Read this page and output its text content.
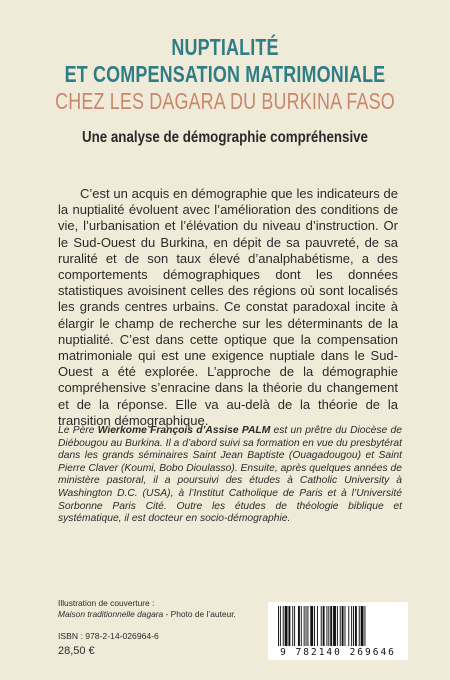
NUPTIALITÉ
ET COMPENSATION MATRIMONIALE
CHEZ LES DAGARA DU BURKINA FASO
Une analyse de démographie compréhensive
C’est un acquis en démographie que les indicateurs de la nuptialité évoluent avec l’amélioration des conditions de vie, l’urbanisation et l’élévation du niveau d’instruction. Or le Sud-Ouest du Burkina, en dépit de sa pauvreté, de sa ruralité et de son taux élevé d’analphabétisme, a des comportements démographiques dont les données statistiques avoisinent celles des régions où sont localisés les grands centres urbains. Ce constat paradoxal incite à élargir le champ de recherche sur les déterminants de la nuptialité. C’est dans cette optique que la compensation matrimoniale qui est une exigence nuptiale dans le Sud-Ouest a été explorée. L’approche de la démographie compréhensive s’enracine dans la théorie du changement et de la réponse. Elle va au-delà de la théorie de la transition démographique.
Le Père Wierkome François d’Assise PALM est un prêtre du Diocèse de Diébougou au Burkina. Il a d’abord suivi sa formation en vue du presbytérat dans les grands séminaires Saint Jean Baptiste (Ouagadougou) et Saint Pierre Claver (Koumi, Bobo Dioulasso). Ensuite, après quelques années de ministère pastoral, il a poursuivi des études à Catholic University à Washington D.C. (USA), à l’Institut Catholique de Paris et à l’Université Sorbonne Paris Cité. Outre les études de théologie biblique et systématique, il est docteur en socio-démographie.
Illustration de couverture :
Maison traditionnelle dagara - Photo de l’auteur.
ISBN : 978-2-14-026964-6
28,50 €	9 782140 269646
